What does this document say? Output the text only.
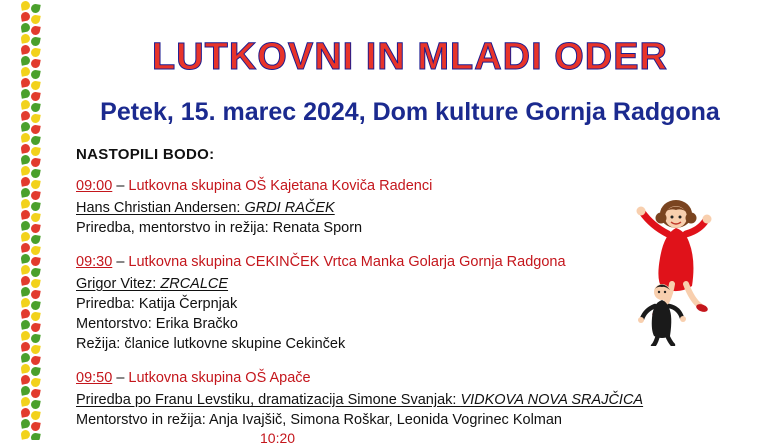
LUTKOVNI IN MLADI ODER
Petek, 15. marec 2024, Dom kulture Gornja Radgona
NASTOPILI BODO:
09:00 – Lutkovna skupina OŠ Kajetana Koviča Radenci
Hans Christian Andersen: GRDI RAČEK
Priredba, mentorstvo in režija: Renata Sporn
09:30 – Lutkovna skupina CEKINČEK Vrtca Manka Golarja Gornja Radgona
Grigor Vitez: ZRCALCE
Priredba: Katija Čerpnjak
Mentorstvo: Erika Bračko
Režija: članice lutkovne skupine Cekinček
09:50 – Lutkovna skupina OŠ Apače
Priredba po Franu Levstiku, dramatizacija Simone Svanjak: VIDKOVA NOVA SRAJČICA
Mentorstvo in režija: Anja Ivajšič, Simona Roškar, Leonida Vogrinec Kolman
10:20
